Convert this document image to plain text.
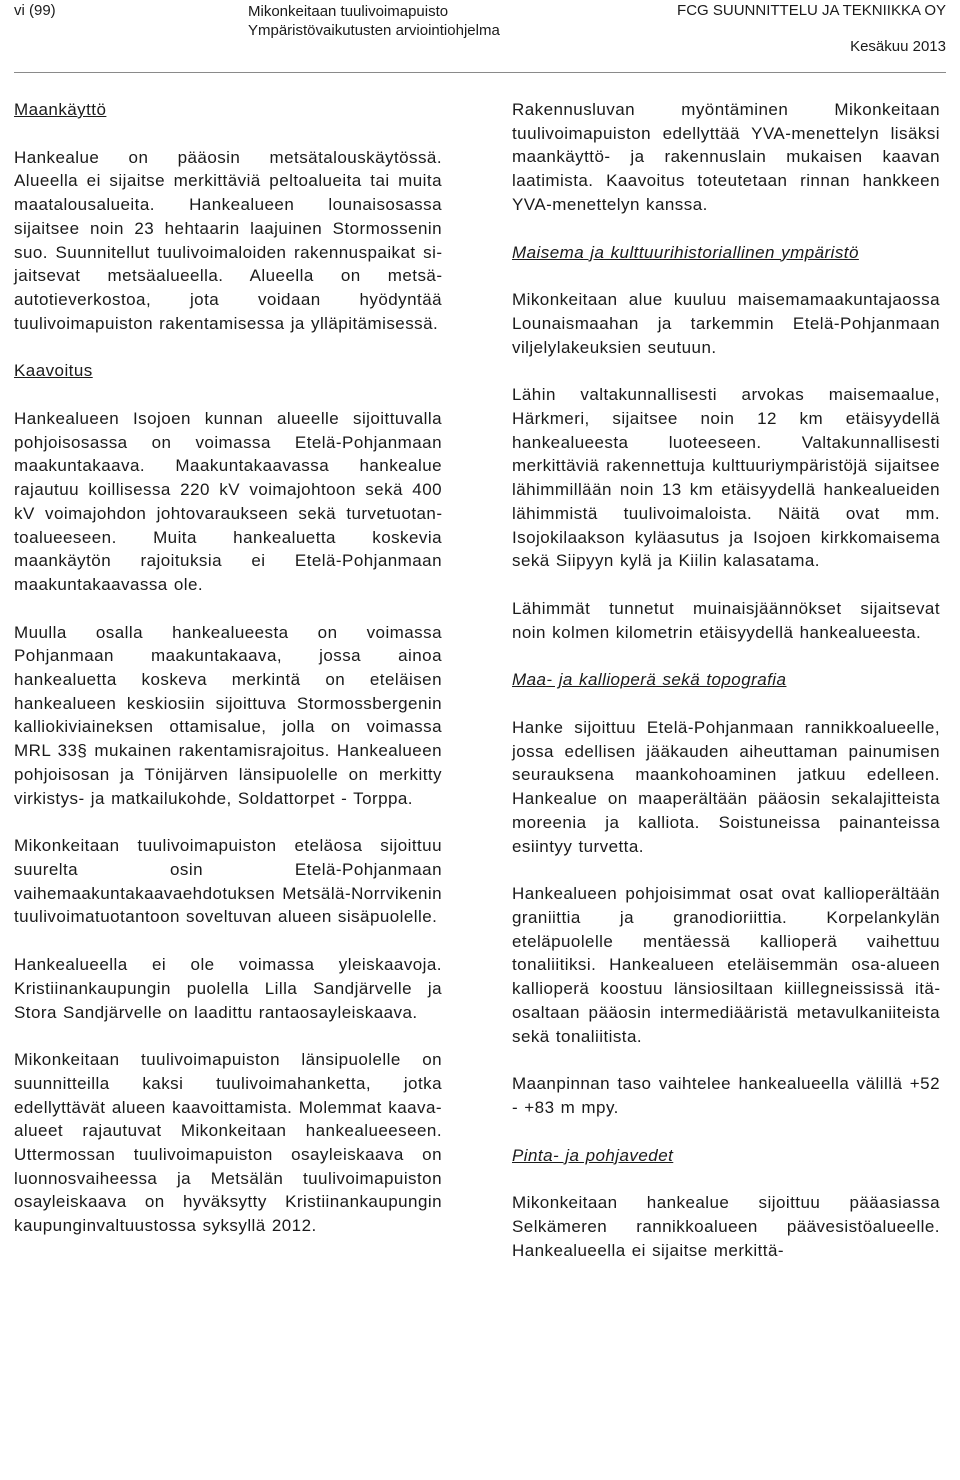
vi (99)	Mikonkeitaan tuulivoimapuisto
Ympäristövaikutusten arviointiohjelma
FCG SUUNNITTELU JA TEKNIIKKA OY
Kesäkuu 2013
Maankäyttö

Hankealue on pääosin metsätalouskäytössä. Alueella ei sijaitse merkittäviä peltoalueita tai muita maatalousalueita. Hankealueen lounaisosassa sijaitsee noin 23 hehtaarin laajuinen Stormossenin suo. Suunnitellut tuulivoimaloiden rakennuspaikat sijaitsevat metsäalueella. Alueella on metsäautotieverkostoa, jota voidaan hyödyntää tuulivoimapuiston rakentamisessa ja ylläpitämisessä.

Kaavoitus

Hankealueen Isojoen kunnan alueelle sijoittuvalla pohjoisosassa on voimassa Etelä-Pohjanmaan maakuntakaava. Maakuntakaavassa hankealue rajautuu koillisessa 220 kV voimajohtoon sekä 400 kV voimajohdon johtovaraukseen sekä turvetuotantoalueeseen. Muita hankealuetta koskevia maankäytön rajoituksia ei Etelä-Pohjanmaan maakuntakaavassa ole.

Muulla osalla hankealueesta on voimassa Pohjanmaan maakuntakaava, jossa ainoa hankealuetta koskeva merkintä on eteläisen hankealueen keskiosiin sijoittuva Stormossbergenin kalliokiviaineksen ottamisalue, jolla on voimassa MRL 33§ mukainen rakentamisrajoitus. Hankealueen pohjoisosan ja Tönijärven länsipuolelle on merkitty virkistys- ja matkailukohde, Soldattorpet - Torppa.

Mikonkeitaan tuulivoimapuiston eteläosa sijoittuu suurelta osin Etelä-Pohjanmaan vaihemaakuntakaavaehdotuksen Metsälä-Norrvikenin tuulivoimatuotantoon soveltuvan alueen sisäpuolelle.

Hankealueella ei ole voimassa yleiskaavoja. Kristiinankaupungin puolella Lilla Sandjärvelle ja Stora Sandjärvelle on laadittu rantaosayleiskaava.

Mikonkeitaan tuulivoimapuiston länsipuolelle on suunnitteilla kaksi tuulivoimahanketta, jotka edellyttävät alueen kaavoittamista. Molemmat kaava-alueet rajautuvat Mikonkeitaan hankealueeseen. Uttermossan tuulivoimapuiston osayleiskaava on luonnosvaiheessa ja Metsälän tuulivoimapuiston osayleiskaava on hyväksytty Kristiinankaupungin kaupunginvaltuustossa syksyllä 2012.

Rakennusluvan myöntäminen Mikonkeitaan tuulivoimapuiston edellyttää YVA-menettelyn lisäksi maankäyttö- ja rakennuslain mukaisen kaavan laatimista. Kaavoitus toteutetaan rinnan hankkeen YVA-menettelyn kanssa.

Maisema ja kulttuurihistoriallinen ympäristö

Mikonkeitaan alue kuuluu maisemamaakuntajaossa Lounaismaahan ja tarkemmin Etelä-Pohjanmaan viljelylakeuksien seutuun.

Lähin valtakunnallisesti arvokas maisemaalue, Härkmeri, sijaitsee noin 12 km etäisyydellä hankealueesta luoteeseen. Valtakunnallisesti merkittäviä rakennettuja kulttuuriympäristöjä sijaitsee lähimmillään noin 13 km etäisyydellä hankealueiden lähimmistä tuulivoimaloista. Näitä ovat mm. Isojokilaakson kyläasutus ja Isojoen kirkkomaisema sekä Siipyyn kylä ja Kiilin kalasatama.

Lähimmät tunnetut muinaisjäännökset sijaitsevat noin kolmen kilometrin etäisyydellä hankealueesta.

Maa- ja kallioperä sekä topografia

Hanke sijoittuu Etelä-Pohjanmaan rannikkoalueelle, jossa edellisen jääkauden aiheuttaman painumisen seurauksena maankohoaminen jatkuu edelleen. Hankealue on maaperältään pääosin sekalajitteista moreenia ja kalliota. Soistuneissa painanteissa esiintyy turvetta.

Hankealueen pohjoisimmat osat ovat kallioperältään graniittia ja granodioriittia. Korpelankylän eteläpuolelle mentäessä kallioperä vaihettuu tonaliitiksi. Hankealueen eteläisemmän osa-alueen kallioperä koostuu länsiosiltaan kiillegneississä itäosaltaan pääosin intermediääristä metavulkaniiteista sekä tonaliitista.

Maanpinnan taso vaihtelee hankealueella välillä +52 - +83 m mpy.

Pinta- ja pohjavedet

Mikonkeitaan hankealue sijoittuu pääasiassa Selkämeren rannikkoalueen päävesistöalueelle. Hankealueella ei sijaitse merkittä-
